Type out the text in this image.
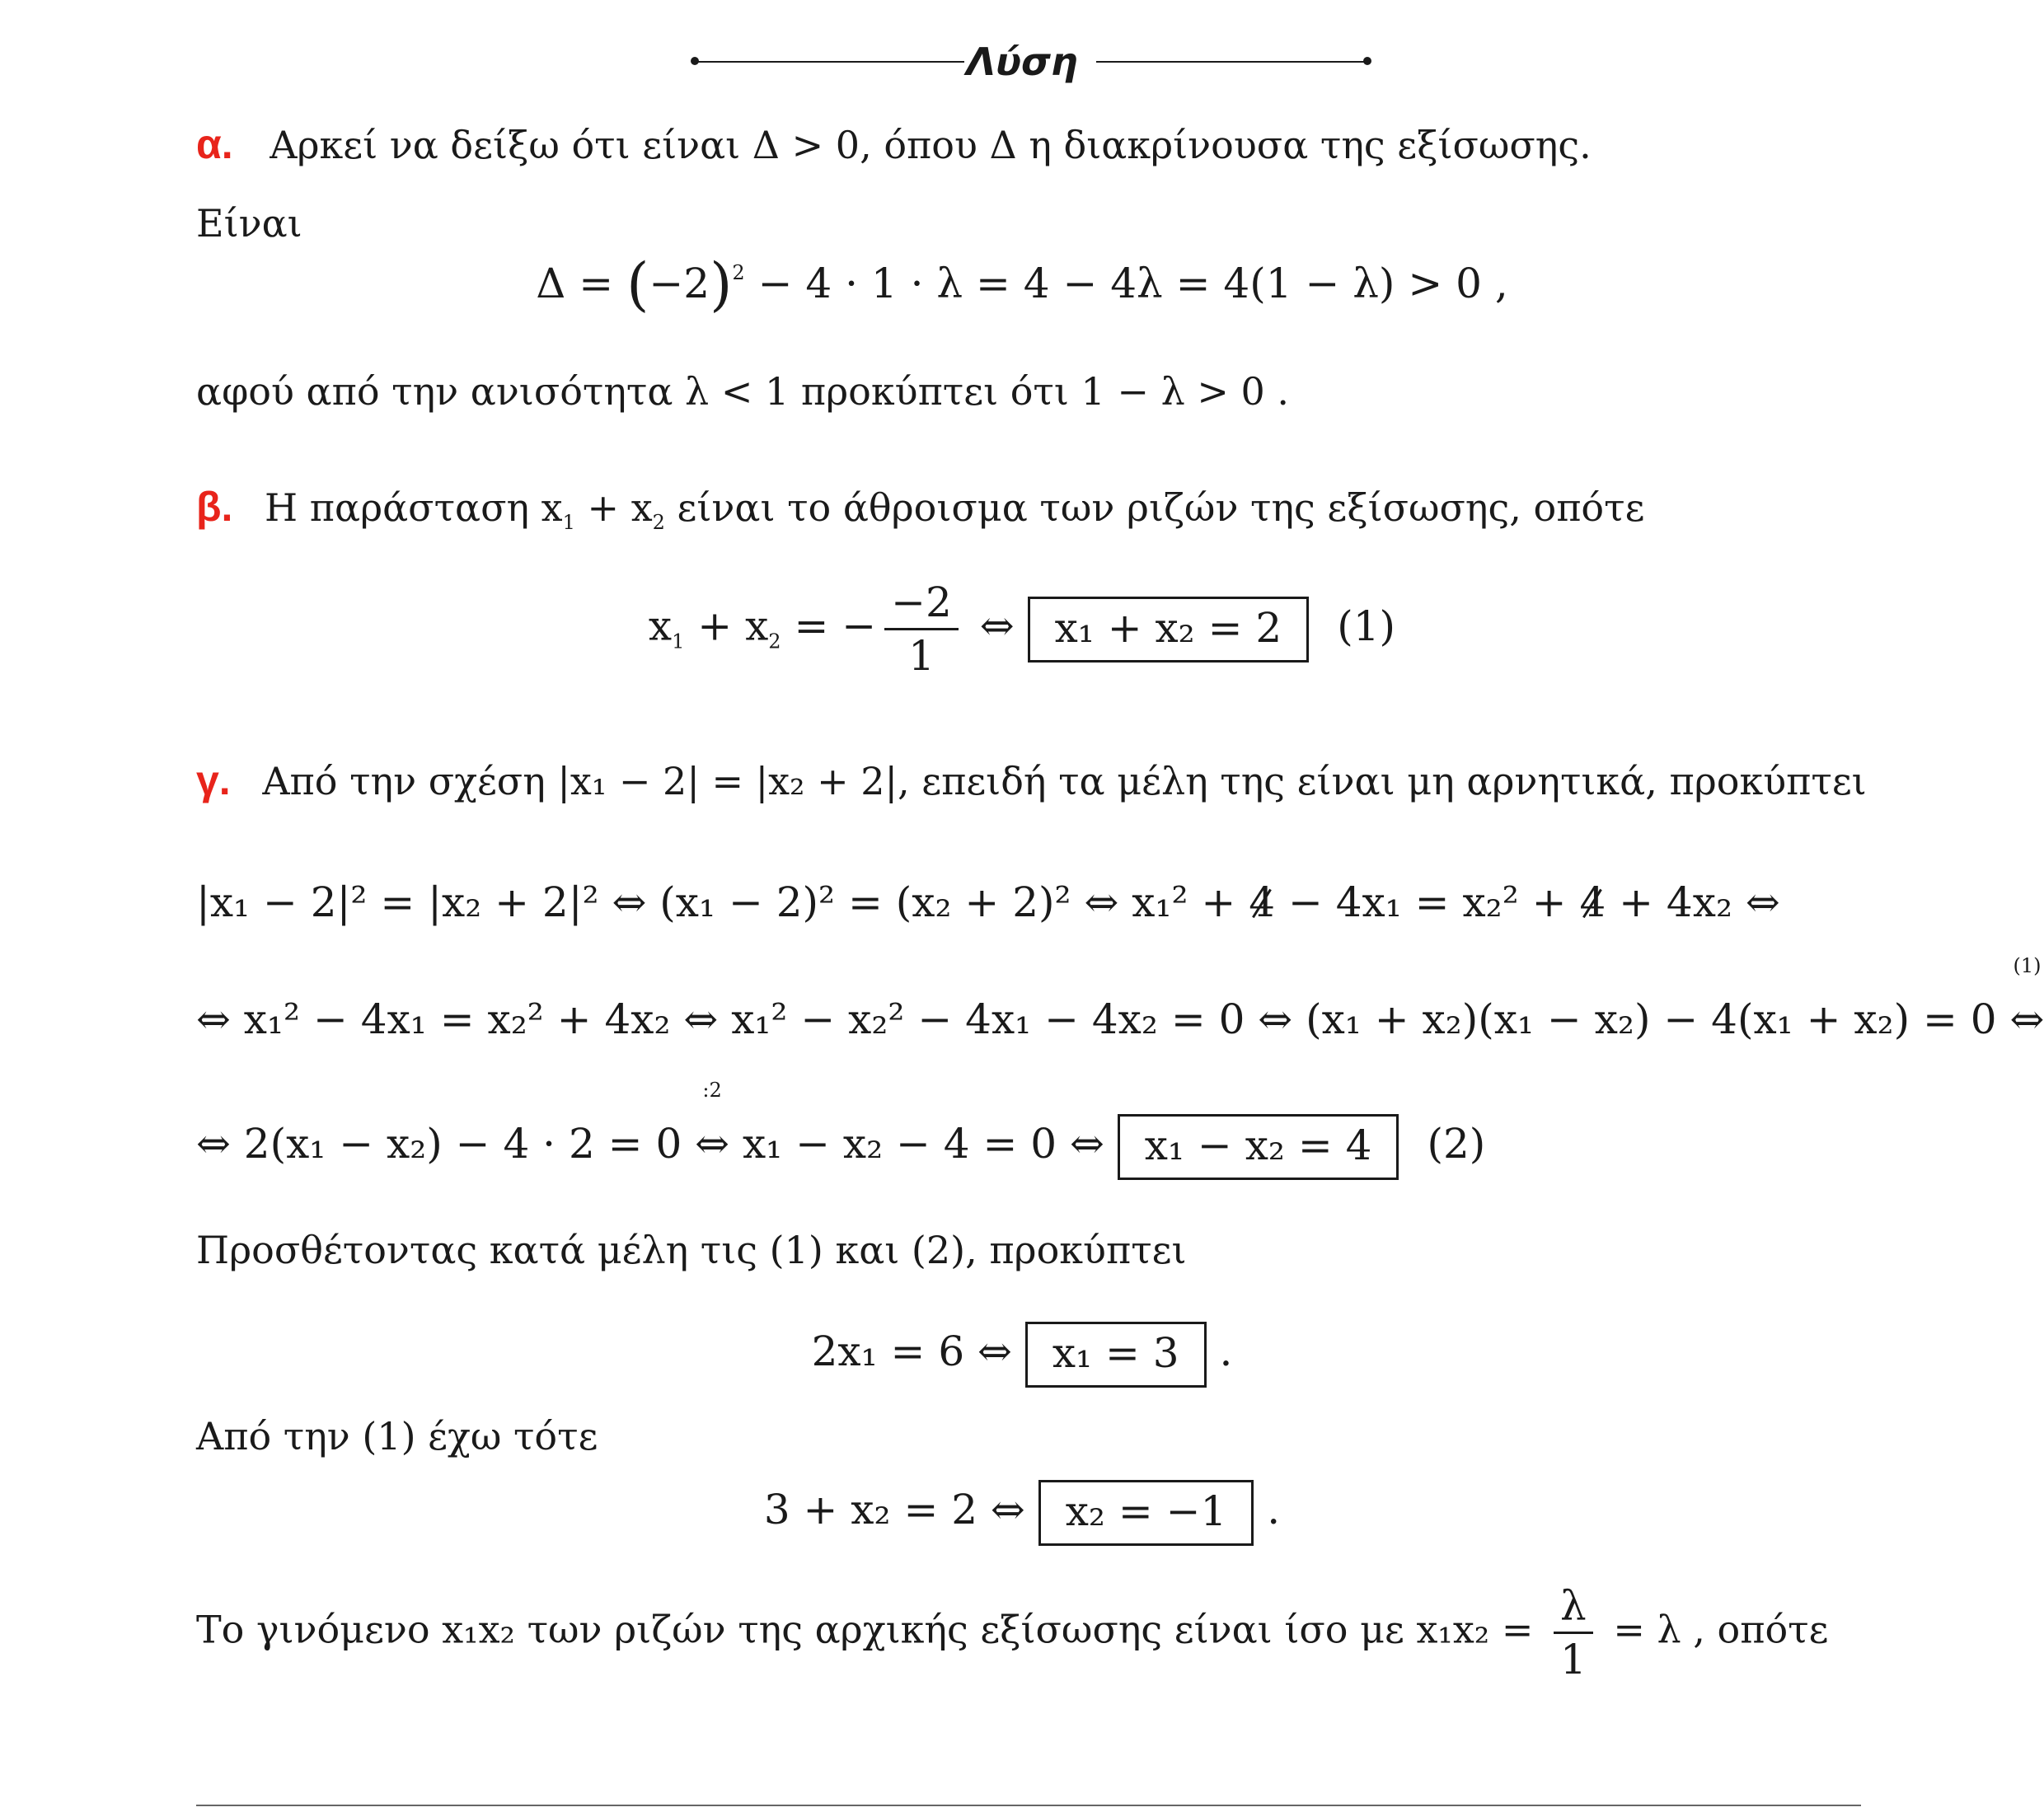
Λύση
α. Αρκεί να δείξω ότι είναι Δ > 0, όπου Δ η διακρίνουσα της εξίσωσης.
Είναι
$\Delta = (-2)^2 - 4 \cdot 1 \cdot \lambda = 4 - 4\lambda = 4(1 - \lambda) > 0$ ,
αφού από την ανισότητα λ < 1 προκύπτει ότι 1 − λ > 0 .
β. Η παράσταση $x_1 + x_2$ είναι το άθροισμα των ριζών της εξίσωσης, οπότε
$x_1 + x_2$ = − $\frac{-2}{1}$ ⇔ x₁ + x₂ = 2 (1)
γ. Από την σχέση |x₁ − 2| = |x₂ + 2|, επειδή τα μέλη της είναι μη αρνητικά, προκύπτει
|x₁ − 2|² = |x₂ + 2|² ⇔ (x₁ − 2)² = (x₂ + 2)² ⇔ x₁² + 4 − 4x₁ = x₂² + 4 + 4x₂ ⇔
⇔ x₁² − 4x₁ = x₂² + 4x₂ ⇔ x₁² − x₂² − 4x₁ − 4x₂ = 0 ⇔ (x₁ + x₂)(x₁ − x₂) − 4(x₁ + x₂) = 0
(1)
⇔
⇔ 2(x₁ − x₂) − 4 · 2 = 0
:2
⇔ x₁ − x₂ − 4 = 0 ⇔ x₁ − x₂ = 4 (2)
Προσθέτοντας κατά μέλη τις (1) και (2), προκύπτει
2x₁ = 6 ⇔ x₁ = 3 .
Από την (1) έχω τότε
3 + x₂ = 2 ⇔ x₂ = −1 .
Το γινόμενο x₁x₂ των ριζών της αρχικής εξίσωσης είναι ίσο με $x_1x_2 = \frac{\lambda}{1} = \lambda$ , οπότε
